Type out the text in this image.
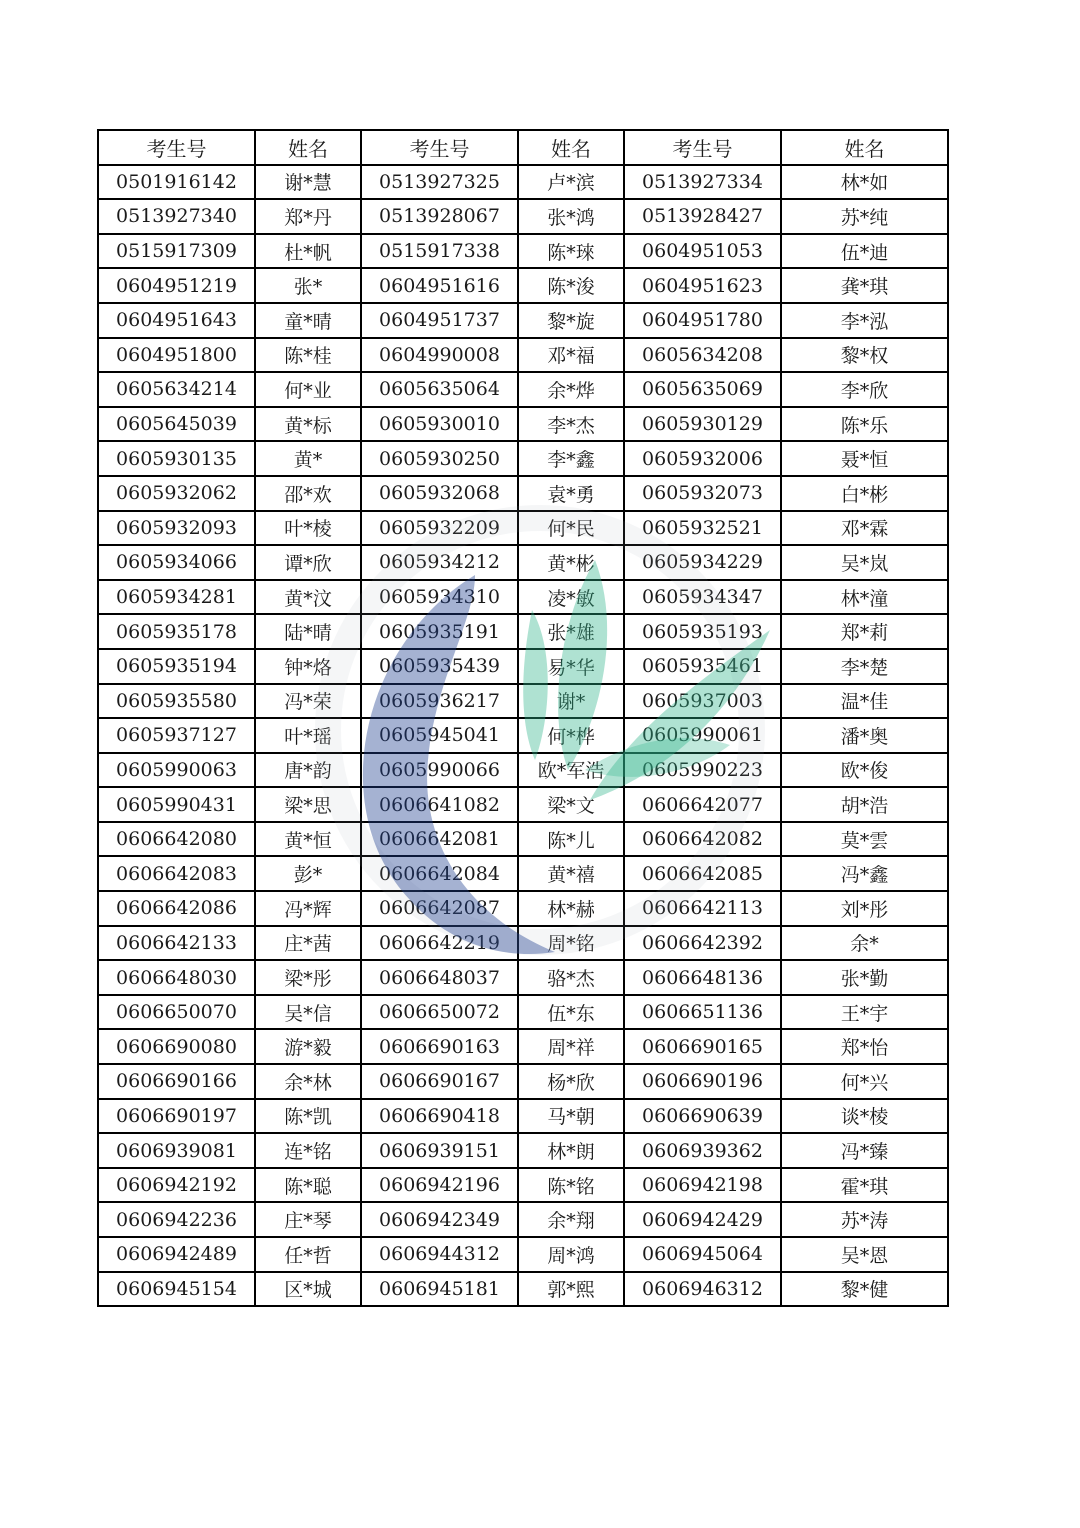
考生号	姓名	考生号	姓名	考生号	姓名
0501916142	谢*慧	0513927325	卢*滨	0513927334	林*如
0513927340	郑*丹	0513928067	张*鸿	0513928427	苏*纯
0515917309	杜*帆	0515917338	陈*琜	0604951053	伍*迪
0604951219	张*	0604951616	陈*浚	0604951623	龚*琪
0604951643	童*晴	0604951737	黎*旋	0604951780	李*泓
0604951800	陈*桂	0604990008	邓*福	0605634208	黎*权
0605634214	何*业	0605635064	余*烨	0605635069	李*欣
0605645039	黄*标	0605930010	李*杰	0605930129	陈*乐
0605930135	黄*	0605930250	李*鑫	0605932006	聂*恒
0605932062	邵*欢	0605932068	袁*勇	0605932073	白*彬
0605932093	叶*棱	0605932209	何*民	0605932521	邓*霖
0605934066	谭*欣	0605934212	黄*彬	0605934229	吴*岚
0605934281	黄*汶	0605934310	凌*敏	0605934347	林*潼
0605935178	陆*晴	0605935191	张*雄	0605935193	郑*莉
0605935194	钟*烙	0605935439	易*华	0605935461	李*楚
0605935580	冯*荣	0605936217	谢*	0605937003	温*佳
0605937127	叶*瑶	0605945041	何*桦	0605990061	潘*奥
0605990063	唐*韵	0605990066	欧*军浩	0605990223	欧*俊
0605990431	梁*思	0606641082	梁*文	0606642077	胡*浩
0606642080	黄*恒	0606642081	陈*儿	0606642082	莫*雲
0606642083	彭*	0606642084	黄*禧	0606642085	冯*鑫
0606642086	冯*辉	0606642087	林*赫	0606642113	刘*彤
0606642133	庄*茜	0606642219	周*铭	0606642392	余*
0606648030	梁*彤	0606648037	骆*杰	0606648136	张*勤
0606650070	吴*信	0606650072	伍*东	0606651136	王*宇
0606690080	游*毅	0606690163	周*祥	0606690165	郑*怡
0606690166	余*林	0606690167	杨*欣	0606690196	何*兴
0606690197	陈*凯	0606690418	马*朝	0606690639	谈*棱
0606939081	连*铭	0606939151	林*朗	0606939362	冯*臻
0606942192	陈*聪	0606942196	陈*铭	0606942198	霍*琪
0606942236	庄*琴	0606942349	余*翔	0606942429	苏*涛
0606942489	任*哲	0606944312	周*鸿	0606945064	吴*恩
0606945154	区*城	0606945181	郭*熙	0606946312	黎*健
